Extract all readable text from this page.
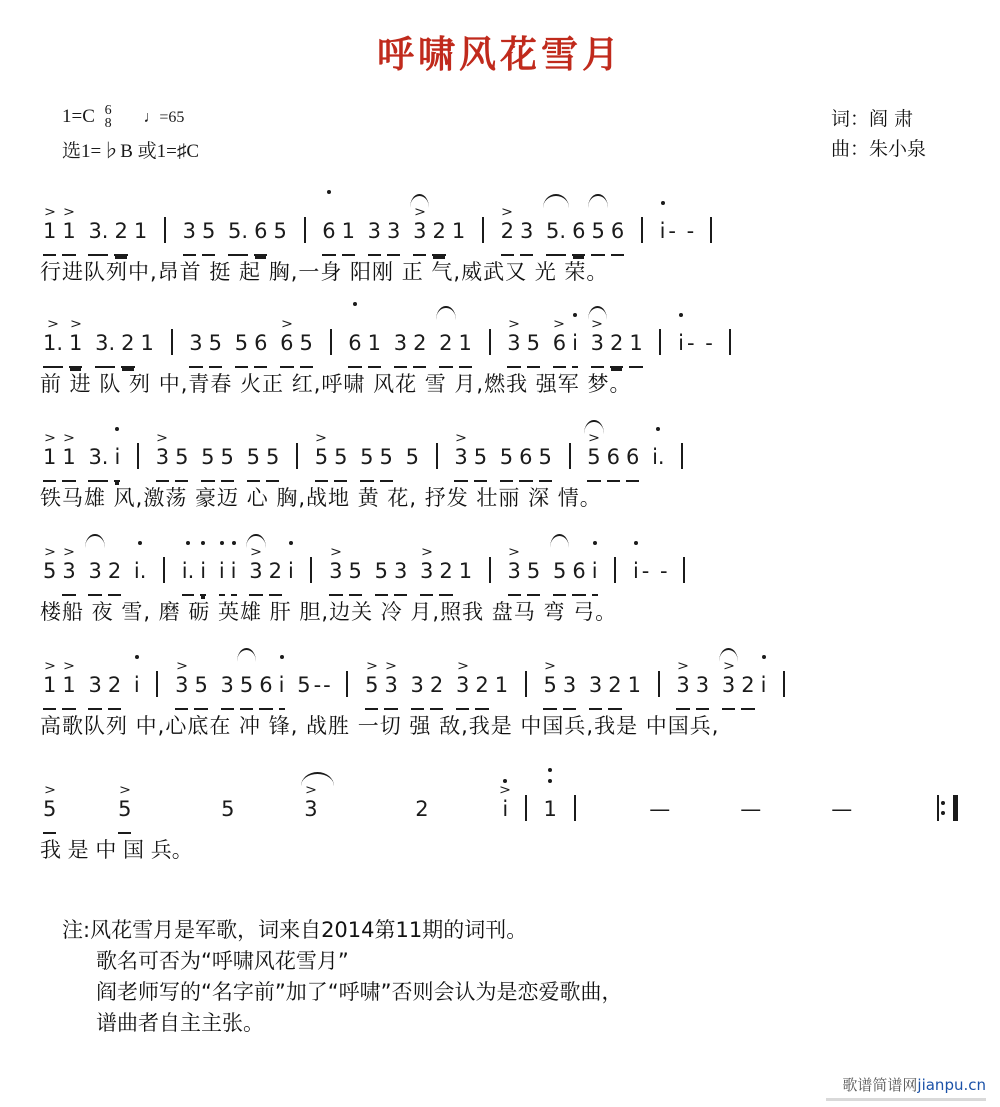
呼啸风花雪月
1=C 6
8 ♩=65
选1=♭B 或1=♯C
词：阎 肃
曲：朱小泉
> 1 > 1 3. 2 1 3 5 5. 6 5 6 1 3 3 > 3 2 1 > 2 3 5. 6 5 6 i - -
行进队列中,昂首 挺 起 胸,一身 阳刚 正 气,威武又 光 荣。
> 1. > 1 3. 2 1 3 5 5 6 > 6 5 6 1 3 2 2 1 > 3 5 > 6 i > 3 2 1 i - -
前 进 队 列 中,青春 火正 红,呼啸 风花 雪 月,燃我 强军 梦。
> 1 > 1 3. i > 3 5 5 5 5 5 > 5 5 5 5 5 > 3 5 5 6 5 > 5 6 6 i.
铁马雄 风,激荡 豪迈 心 胸,战地 黄 花, 抒发 壮丽 深 情。
> 5 > 3 3 2 i. i. i i i > 3 2 i > 3 5 5 3 > 3 2 1 > 3 5 5 6 i i - -
楼船 夜 雪, 磨 砺 英雄 肝 胆,边关 冷 月,照我 盘马 弯 弓。
> 1 > 1 3 2 i > 3 5 3 5 6 i 5 -- > 5 > 3 3 2 > 3 2 1 > 5 3 3 2 1 > 3 3 > 3 2 i
高歌队列 中,心底在 冲 锋, 战胜 一切 强 敌,我是 中国兵,我是 中国兵,
> 5	> 5	5	> 3	2	> i 1	———
我 是 中 国 兵。
注:风花雪月是军歌，词来自2014第11期的词刊。
歌名可否为“呼啸风花雪月”
阎老师写的“名字前”加了“呼啸”否则会认为是恋爱歌曲，
谱曲者自主主张。
歌谱简谱网jianpu.cn
